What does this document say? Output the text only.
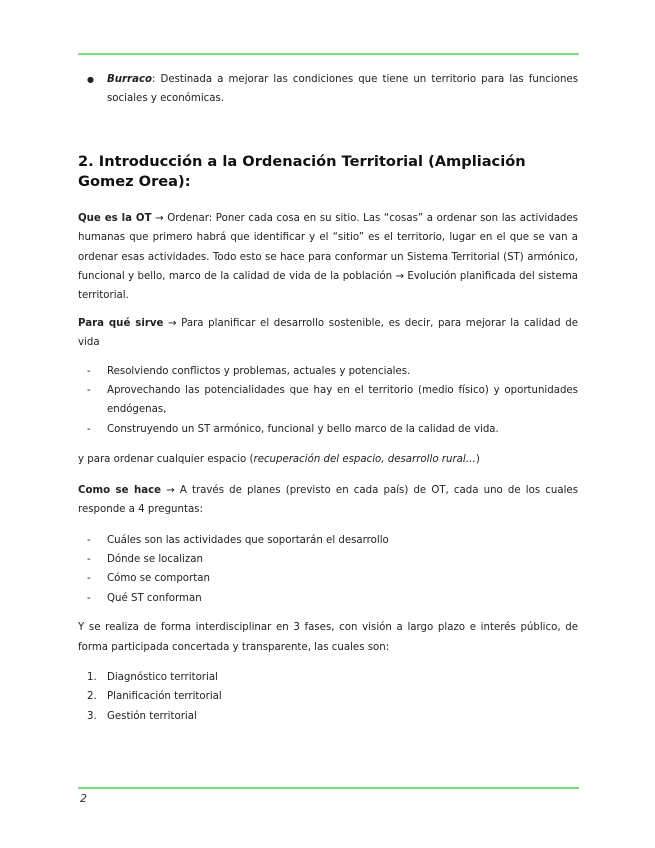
● Burraco: Destinada a mejorar las condiciones que tiene un territorio para las funciones sociales y económicas.
2. Introducción a la Ordenación Territorial (Ampliación Gomez Orea):

Que es la OT → Ordenar: Poner cada cosa en su sitio. Las “cosas” a ordenar son las actividades humanas que primero habrá que identificar y el “sitio” es el territorio, lugar en el que se van a ordenar esas actividades. Todo esto se hace para conformar un Sistema Territorial (ST) armónico, funcional y bello, marco de la calidad de vida de la población → Evolución planificada del sistema territorial.

Para qué sirve → Para planificar el desarrollo sostenible, es decir, para mejorar la calidad de vida

- Resolviendo conflictos y problemas, actuales y potenciales.
- Aprovechando las potencialidades que hay en el territorio (medio físico) y oportunidades endógenas,
- Construyendo un ST armónico, funcional y bello marco de la calidad de vida.

y para ordenar cualquier espacio (recuperación del espacio, desarrollo rural…)

Como se hace → A través de planes (previsto en cada país) de OT, cada uno de los cuales responde a 4 preguntas:

- Cuáles son las actividades que soportarán el desarrollo
- Dónde se localizan
- Cómo se comportan
- Qué ST conforman

Y se realiza de forma interdisciplinar en 3 fases, con visión a largo plazo e interés público, de forma participada concertada y transparente, las cuales son:

1. Diagnóstico territorial
2. Planificación territorial
3. Gestión territorial
2
